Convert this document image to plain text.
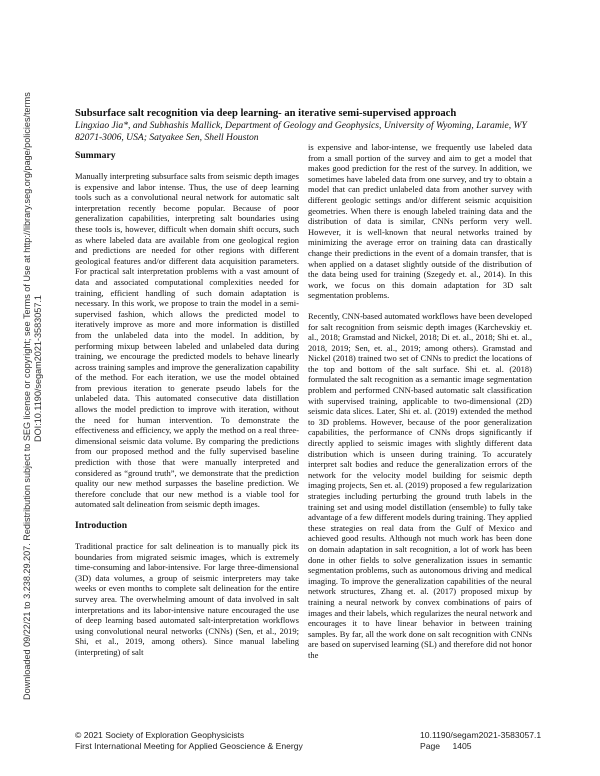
Downloaded 09/22/21 to 3.238.29.207. Redistribution subject to SEG license or copyright; see Terms of Use at http://library.seg.org/page/policies/terms DOI:10.1190/segam2021-3583057.1
Subsurface salt recognition via deep learning- an iterative semi-supervised approach
Lingxiao Jia*, and Subhashis Mallick, Department of Geology and Geophysics, University of Wyoming, Laramie, WY 82071-3006, USA; Satyakee Sen, Shell Houston
Summary

Manually interpreting subsurface salts from seismic depth images is expensive and labor intense. Thus, the use of deep learning tools such as a convolutional neural network for automatic salt interpretation recently become popular. Because of poor generalization capabilities, interpreting salt boundaries using these tools is, however, difficult when domain shift occurs, such as where labeled data are available from one geological region and predictions are needed for other regions with different geological features and/or different data acquisition parameters. For practical salt interpretation problems with a vast amount of data and associated computational complexities needed for training, efficient handling of such domain adaptation is necessary. In this work, we propose to train the model in a semi-supervised fashion, which allows the predicted model to iteratively improve as more and more information is distilled from the unlabeled data into the model. In addition, by performing mixup between labeled and unlabeled data during training, we encourage the predicted models to behave linearly across training samples and improve the generalization capability of the method. For each iteration, we use the model obtained from previous iteration to generate pseudo labels for the unlabeled data. This automated consecutive data distillation allows the model prediction to improve with iteration, without the need for human intervention. To demonstrate the effectiveness and efficiency, we apply the method on a real three-dimensional seismic data volume. By comparing the predictions from our proposed method and the fully supervised baseline prediction with those that were manually interpreted and considered as “ground truth”, we demonstrate that the prediction quality our new method surpasses the baseline prediction. We therefore conclude that our new method is a viable tool for automated salt delineation from seismic depth images.

Introduction

Traditional practice for salt delineation is to manually pick its boundaries from migrated seismic images, which is extremely time-consuming and labor-intensive. For large three-dimensional (3D) data volumes, a group of seismic interpreters may take weeks or even months to complete salt delineation for the entire survey area. The overwhelming amount of data involved in salt interpretations and its labor-intensive nature encouraged the use of deep learning based automated salt-interpretation workflows using convolutional neural networks (CNNs) (Sen, et al., 2019; Shi, et al., 2019, among others). Since manual labeling (interpreting) of salt

is expensive and labor-intense, we frequently use labeled data from a small portion of the survey and aim to get a model that makes good prediction for the rest of the survey. In addition, we sometimes have labeled data from one survey, and try to obtain a model that can predict unlabeled data from another survey with different geologic settings and/or different seismic acquisition geometries. When there is enough labeled training data and the distribution of data is similar, CNNs perform very well. However, it is well-known that neural networks trained by minimizing the average error on training data can drastically change their predictions in the event of a domain transfer, that is when applied on a dataset slightly outside of the distribution of the data being used for training (Szegedy et. al., 2014). In this work, we focus on this domain adaptation for 3D salt segmentation problems.

Recently, CNN-based automated workflows have been developed for salt recognition from seismic depth images (Karchevskiy et. al., 2018; Gramstad and Nickel, 2018; Di et. al., 2018; Shi et. al., 2018, 2019; Sen, et. al., 2019; among others). Gramstad and Nickel (2018) trained two set of CNNs to predict the locations of the top and bottom of the salt surface. Shi et. al. (2018) formulated the salt recognition as a semantic image segmentation problem and performed CNN-based automatic salt classification with supervised training, applicable to two-dimensional (2D) seismic data slices. Later, Shi et. al. (2019) extended the method to 3D problems. However, because of the poor generalization capabilities, the performance of CNNs drops significantly if directly applied to seismic images with slightly different data distribution which is unseen during training. To accurately interpret salt bodies and reduce the generalization errors of the network for the velocity model building for seismic depth imaging projects, Sen et. al. (2019) proposed a few regularization strategies including perturbing the ground truth labels in the training set and using model distillation (ensemble) to fully take advantage of a few different models during training. They applied these strategies on real data from the Gulf of Mexico and achieved good results. Although not much work has been done on domain adaptation in salt recognition, a lot of work has been done in other fields to solve generalization issues in semantic segmentation problems, such as autonomous driving and medical imaging. To improve the generalization capabilities of the neural network structures, Zhang et. al. (2017) proposed mixup by training a neural network by convex combinations of pairs of images and their labels, which regularizes the neural network and encourages it to have linear behavior in between training samples. By far, all the work done on salt recognition with CNNs are based on supervised learning (SL) and therefore did not honor the

© 2021 Society of Exploration Geophysicists
First International Meeting for Applied Geoscience & Energy
10.1190/segam2021-3583057.1
Page 1405
